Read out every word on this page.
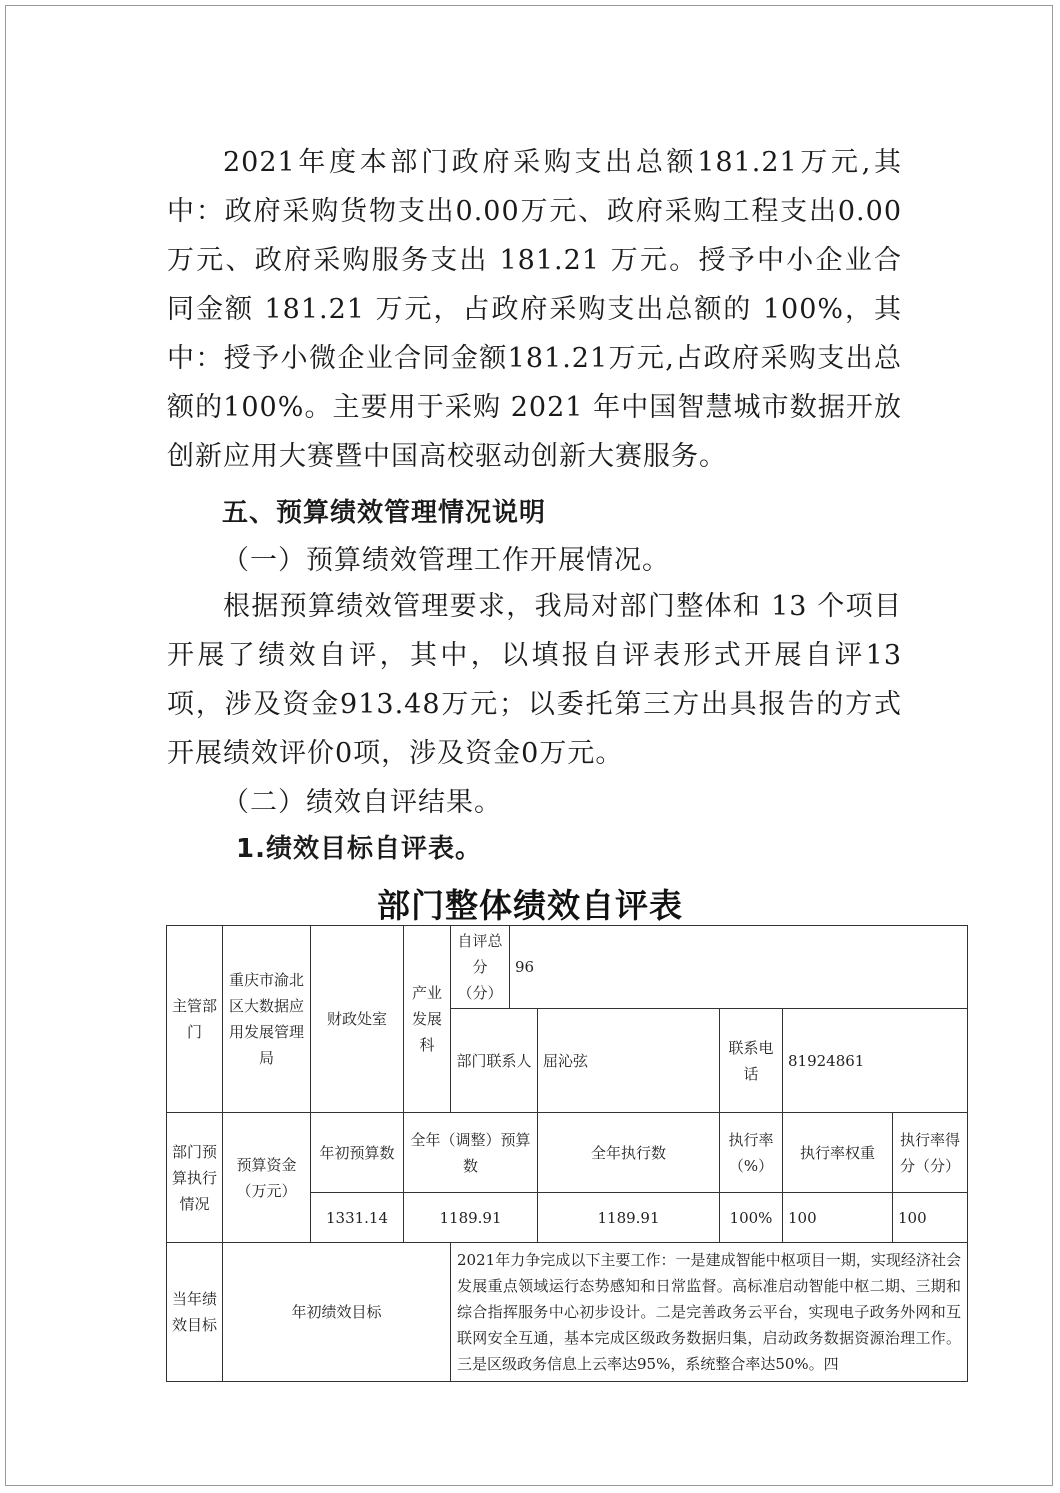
2021年度本部门政府采购支出总额181.21万元,其中：政府采购货物支出0.00万元、政府采购工程支出0.00万元、政府采购服务支出 181.21 万元。授予中小企业合同金额 181.21 万元，占政府采购支出总额的 100%，其中：授予小微企业合同金额181.21万元,占政府采购支出总额的100%。主要用于采购 2021 年中国智慧城市数据开放创新应用大赛暨中国高校驱动创新大赛服务。
五、预算绩效管理情况说明
（一）预算绩效管理工作开展情况。
根据预算绩效管理要求，我局对部门整体和 13 个项目开展了绩效自评，其中，以填报自评表形式开展自评13项，涉及资金913.48万元；以委托第三方出具报告的方式开展绩效评价0项，涉及资金0万元。
（二）绩效自评结果。
1.绩效目标自评表。
部门整体绩效自评表
主管部门	重庆市渝北区大数据应用发展管理局	财政处室	产业发展科	自评总分（分）	96				
				部门联系人		屈沁弦	联系电话	81924861	
部门预算执行情况	预算资金（万元）	年初预算数	全年（调整）预算数			全年执行数	执行率（%）	执行率权重	执行率得分（分）
		1331.14	1189.91			1189.91	100%	100	100
当年绩效目标	年初绩效目标			2021年力争完成以下主要工作：一是建成智能中枢项目一期，实现经济社会发展重点领域运行态势感知和日常监督。高标准启动智能中枢二期、三期和综合指挥服务中心初步设计。二是完善政务云平台，实现电子政务外网和互联网安全互通，基本完成区级政务数据归集，启动政务数据资源治理工作。三是区级政务信息上云率达95%，系统整合率达50%。四					
